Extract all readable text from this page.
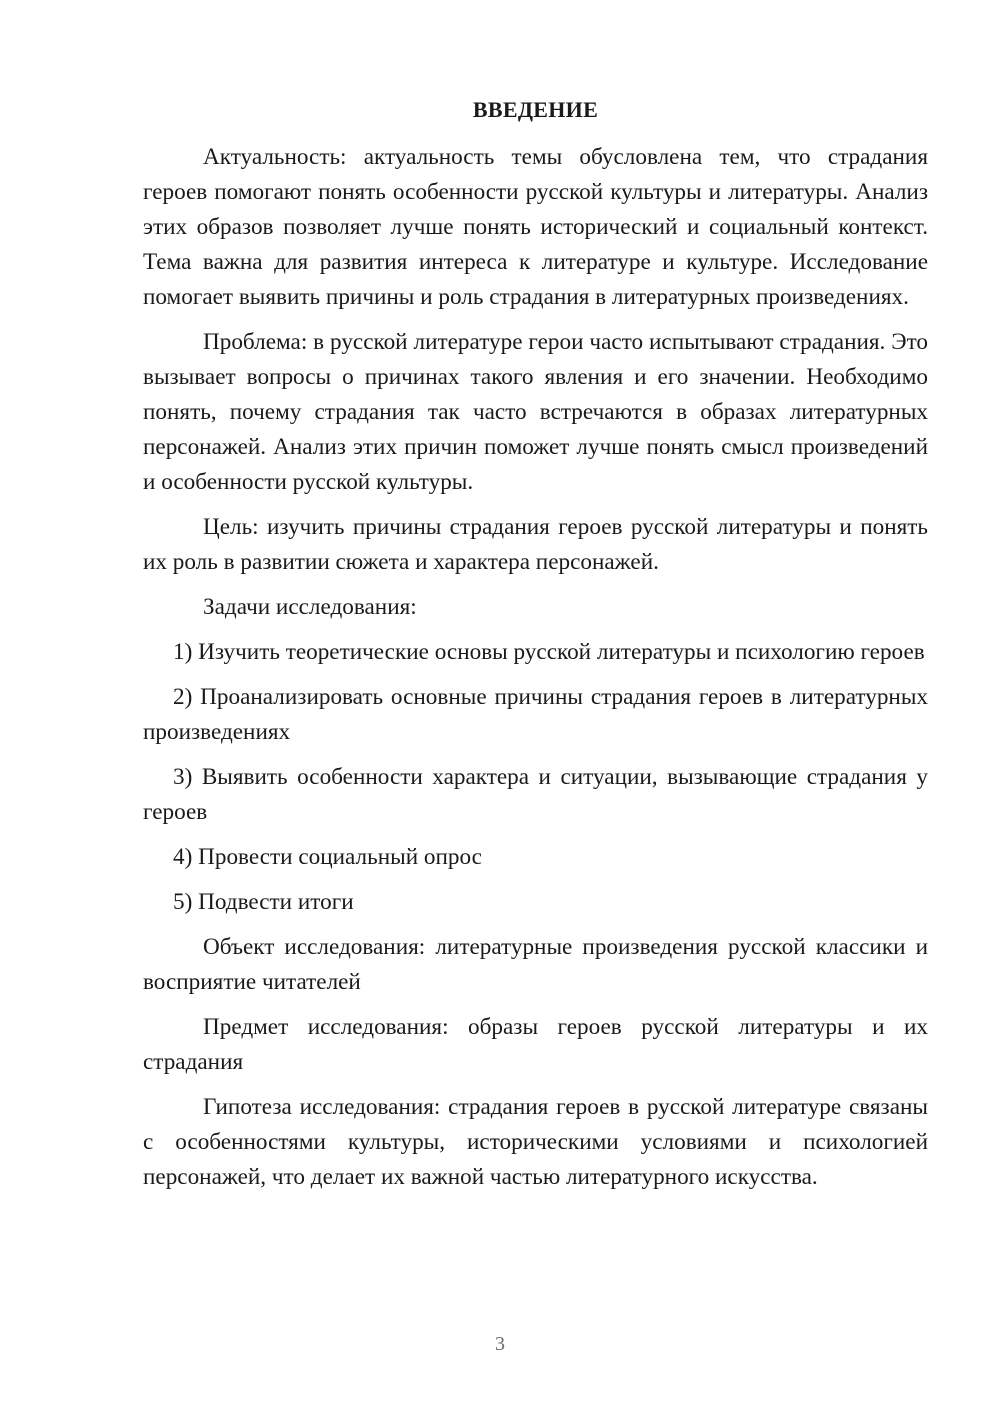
ВВЕДЕНИЕ

Актуальность: актуальность темы обусловлена тем, что страдания героев помогают понять особенности русской культуры и литературы. Анализ этих образов позволяет лучше понять исторический и социальный контекст. Тема важна для развития интереса к литературе и культуре. Исследование помогает выявить причины и роль страдания в литературных произведениях.

Проблема: в русской литературе герои часто испытывают страдания. Это вызывает вопросы о причинах такого явления и его значении. Необходимо понять, почему страдания так часто встречаются в образах литературных персонажей. Анализ этих причин поможет лучше понять смысл произведений и особенности русской культуры.

Цель: изучить причины страдания героев русской литературы и понять их роль в развитии сюжета и характера персонажей.

Задачи исследования:

1) Изучить теоретические основы русской литературы и психологию героев

2) Проанализировать основные причины страдания героев в литературных произведениях

3) Выявить особенности характера и ситуации, вызывающие страдания у героев

4) Провести социальный опрос

5) Подвести итоги

Объект исследования: литературные произведения русской классики и восприятие читателей

Предмет исследования: образы героев русской литературы и их страдания

Гипотеза исследования: страдания героев в русской литературе связаны с особенностями культуры, историческими условиями и психологией персонажей, что делает их важной частью литературного искусства.

3
